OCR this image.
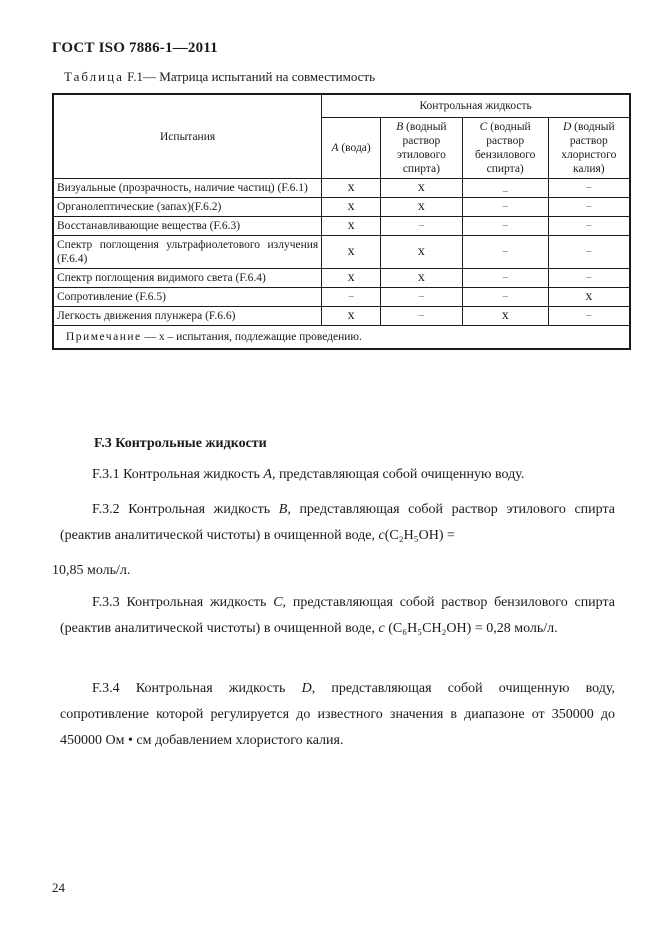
ГОСТ ISO 7886-1—2011
Таблица F.1— Матрица испытаний на совместимость
Испытания	Контрольная жидкость			
	A (вода)	B (водный раствор этилового спирта)	C (водный раствор бензилового спирта)	D (водный раствор хлористого калия)
Визуальные (прозрачность, наличие частиц) (F.6.1)	x	x	_	–
Органолептические (запах)(F.6.2)	x	x	–	–
Восстанавливающие вещества (F.6.3)	x	–	–	–
Спектр поглощения ультрафиолетового излучения (F.6.4)	x	x	–	–
Спектр поглощения видимого света (F.6.4)	x	x	–	–
Сопротивление (F.6.5)	–	–	–	x
Легкость движения плунжера (F.6.6)	x	–	x	–
Примечание — x – испытания, подлежащие проведению.				
F.3 Контрольные жидкости
F.3.1 Контрольная жидкость A, представляющая собой очищенную воду.
F.3.2 Контрольная жидкость B, представляющая собой раствор этилового спирта (реактив аналитической чистоты) в очищенной воде, c(C₂H₅OH) =
10,85 моль/л.
F.3.3 Контрольная жидкость C, представляющая собой раствор бензилового спирта (реактив аналитической чистоты) в очищенной воде, c (C₆H₅CH₂OH) = 0,28 моль/л.
F.3.4 Контрольная жидкость D, представляющая собой очищенную воду, сопротивление которой регулируется до известного значения в диапазоне от 350000 до 450000 Ом • см добавлением хлористого калия.
24
